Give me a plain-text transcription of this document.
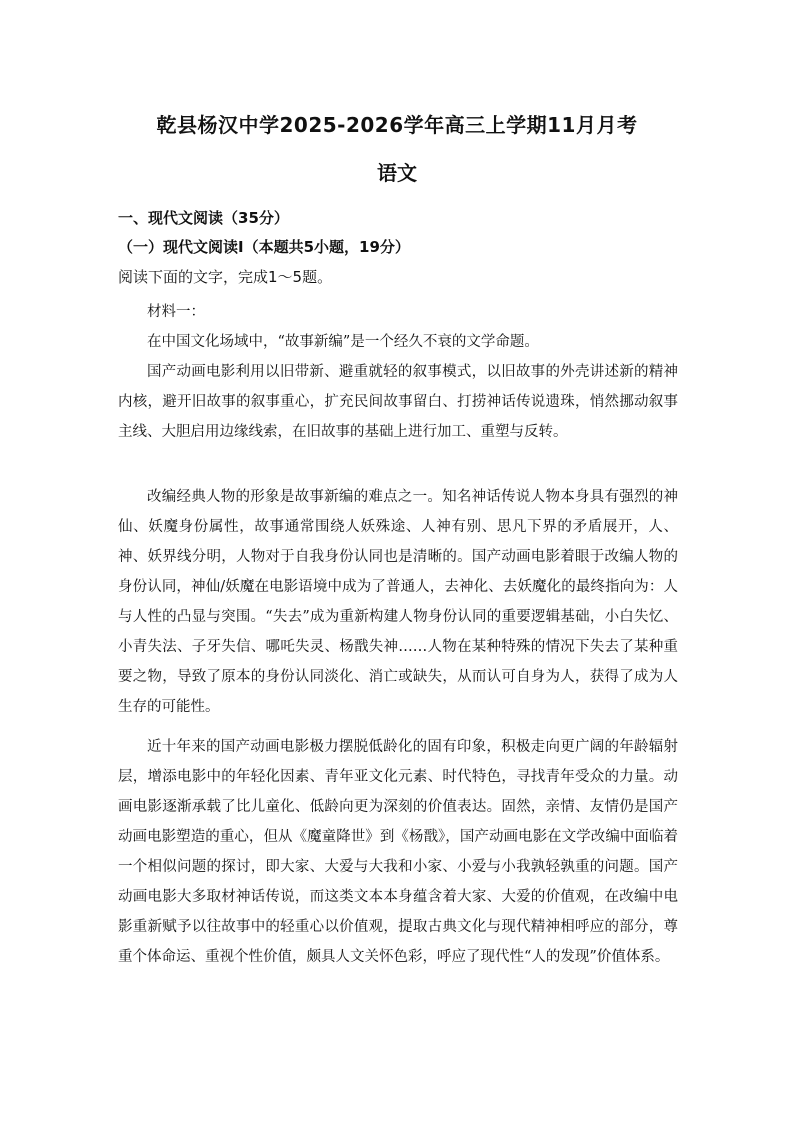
乾县杨汉中学2025-2026学年高三上学期11月月考
语文
一、现代文阅读（35分）
（一）现代文阅读Ⅰ（本题共5小题，19分）
阅读下面的文字，完成1～5题。

材料一：

在中国文化场域中，“故事新编”是一个经久不衰的文学命题。

国产动画电影利用以旧带新、避重就轻的叙事模式，以旧故事的外壳讲述新的精神内核，避开旧故事的叙事重心，扩充民间故事留白、打捞神话传说遗珠，悄然挪动叙事主线、大胆启用边缘线索，在旧故事的基础上进行加工、重塑与反转。

改编经典人物的形象是故事新编的难点之一。知名神话传说人物本身具有强烈的神仙、妖魔身份属性，故事通常围绕人妖殊途、人神有别、思凡下界的矛盾展开，人、神、妖界线分明，人物对于自我身份认同也是清晰的。国产动画电影着眼于改编人物的身份认同，神仙/妖魔在电影语境中成为了普通人，去神化、去妖魔化的最终指向为：人与人性的凸显与突围。“失去”成为重新构建人物身份认同的重要逻辑基础，小白失忆、小青失法、子牙失信、哪吒失灵、杨戬失神……人物在某种特殊的情况下失去了某种重要之物，导致了原本的身份认同淡化、消亡或缺失，从而认可自身为人，获得了成为人生存的可能性。

近十年来的国产动画电影极力摆脱低龄化的固有印象，积极走向更广阔的年龄辐射层，增添电影中的年轻化因素、青年亚文化元素、时代特色，寻找青年受众的力量。动画电影逐渐承载了比儿童化、低龄向更为深刻的价值表达。固然，亲情、友情仍是国产动画电影塑造的重心，但从《魔童降世》到《杨戬》，国产动画电影在文学改编中面临着一个相似问题的探讨，即大家、大爱与大我和小家、小爱与小我孰轻孰重的问题。国产动画电影大多取材神话传说，而这类文本本身蕴含着大家、大爱的价值观，在改编中电影重新赋予以往故事中的轻重心以价值观，提取古典文化与现代精神相呼应的部分，尊重个体命运、重视个性价值，颇具人文关怀色彩，呼应了现代性“人的发现”价值体系。
